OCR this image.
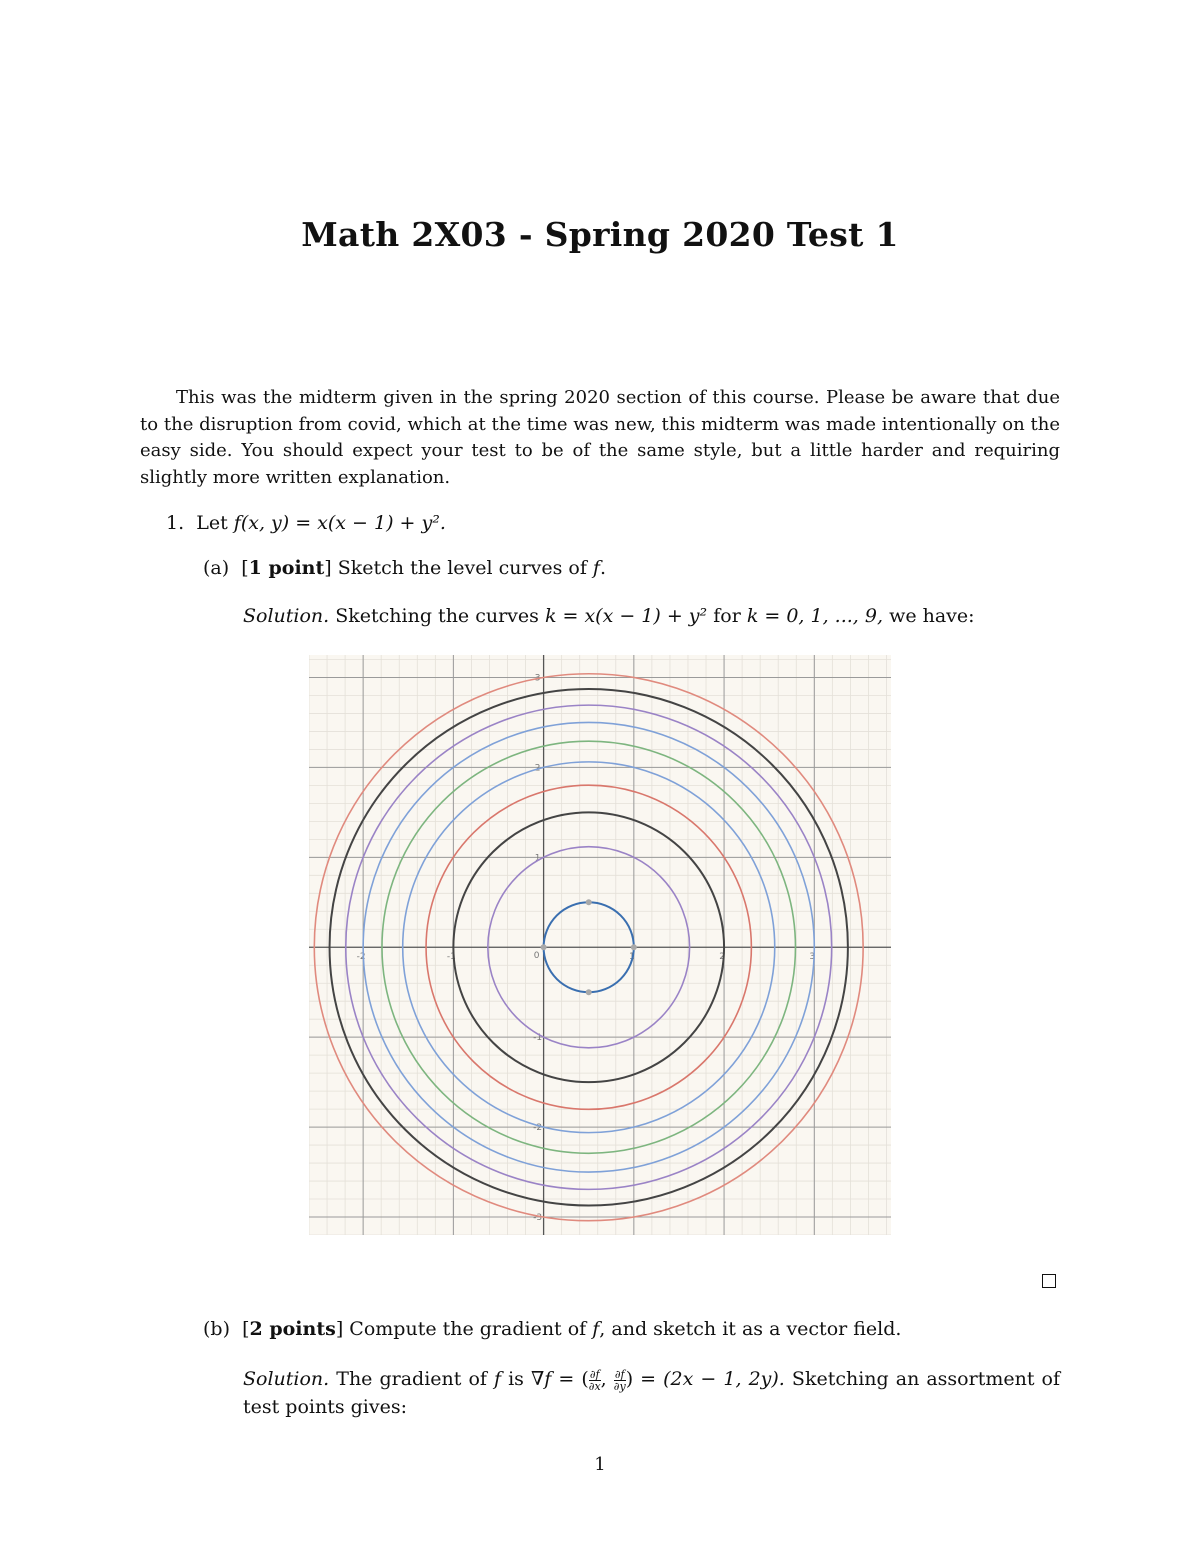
Math 2X03 - Spring 2020 Test 1

This was the midterm given in the spring 2020 section of this course. Please be aware that due to the disruption from covid, which at the time was new, this midterm was made intentionally on the easy side. You should expect your test to be of the same style, but a little harder and requiring slightly more written explanation.

1. Let f(x, y) = x(x − 1) + y².
(a) [1 point] Sketch the level curves of f.
Solution. Sketching the curves k = x(x − 1) + y² for k = 0, 1, ..., 9, we have:
-2	-1	1	2	3
3
2
1
-1
-2
-3
0
(b) [2 points] Compute the gradient of f, and sketch it as a vector field.
Solution. The gradient of f is ∇f = ( $\frac{\partial f}{\partial x}$ , $\frac{\partial f}{\partial y}$ ) = (2x − 1, 2y). Sketching an assortment of test points gives:
1
